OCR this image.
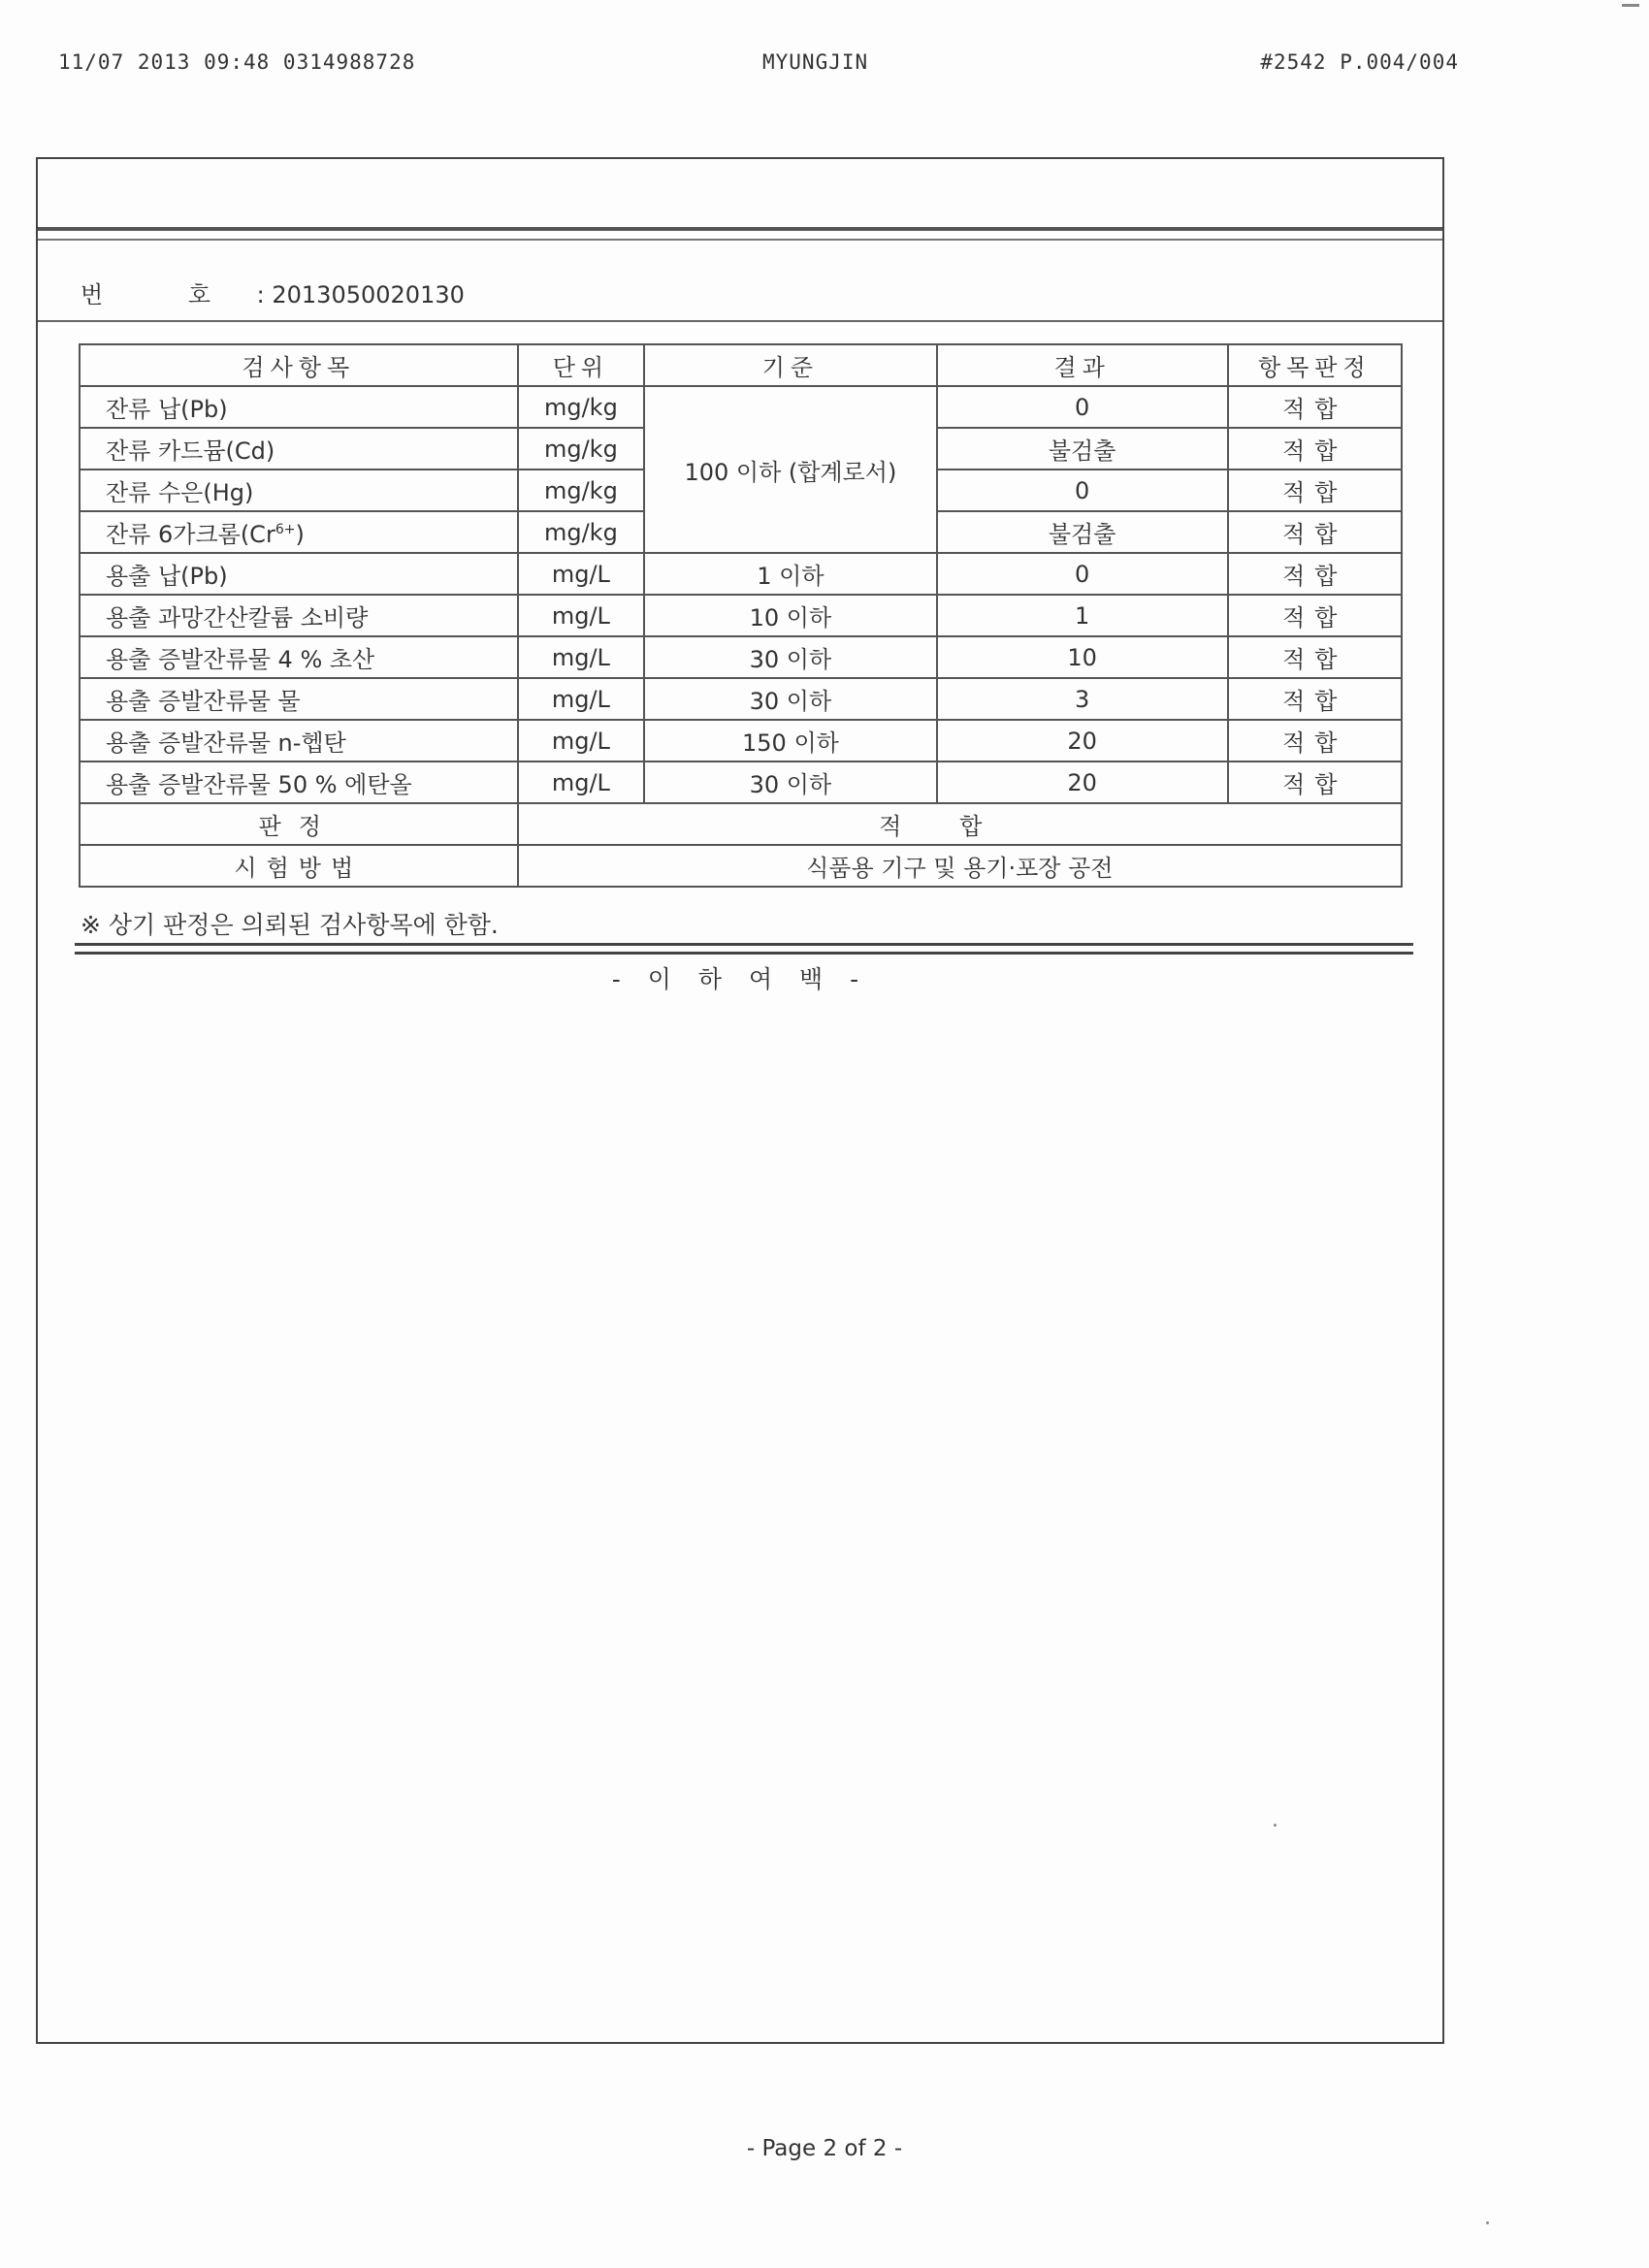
11/07 2013 09:48 0314988728	MYUNGJIN	#2542 P.004/004
번 호 : 2013050020130
검사항목	단위	기준	결과	항목판정
잔류 납(Pb)	mg/kg	100 이하 (합계로서)	0	적합
잔류 카드뮴(Cd)	mg/kg		불검출	적합
잔류 수은(Hg)	mg/kg		0	적합
잔류 6가크롬$(Cr^{6+})$	mg/kg		불검출	적합
용출 납(Pb)	mg/L	1 이하	0	적합
용출 과망간산칼륨 소비량	mg/L	10 이하	1	적합
용출 증발잔류물 4 % 초산	mg/L	30 이하	10	적합
용출 증발잔류물 물	mg/L	30 이하	3	적합
용출 증발잔류물 n-헵탄	mg/L	150 이하	20	적합
용출 증발잔류물 50 % 에탄올	mg/L	30 이하	20	적합
판정	적합			
시험방법	식품용 기구 및 용기·포장 공전			
※ 상기 판정은 의뢰된 검사항목에 한함.
- 이 하 여 백 -
- Page 2 of 2 -
